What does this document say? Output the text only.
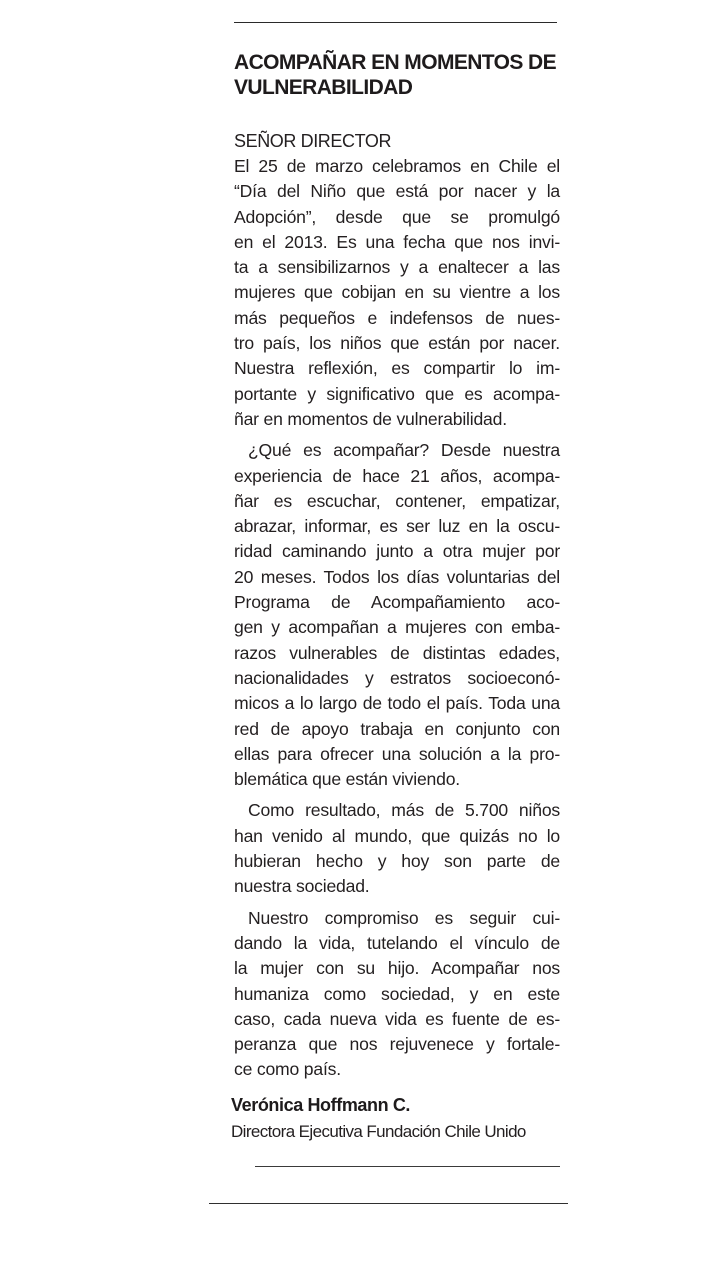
ACOMPAÑAR EN MOMENTOS DE
VULNERABILIDAD

SEÑOR DIRECTOR

El 25 de marzo celebramos en Chile el
“Día del Niño que está por nacer y la
Adopción”, desde que se promulgó
en el 2013. Es una fecha que nos invi-
ta a sensibilizarnos y a enaltecer a las
mujeres que cobijan en su vientre a los
más pequeños e indefensos de nues-
tro país, los niños que están por nacer.
Nuestra reflexión, es compartir lo im-
portante y significativo que es acompa-
ñar en momentos de vulnerabilidad.

¿Qué es acompañar? Desde nuestra
experiencia de hace 21 años, acompa-
ñar es escuchar, contener, empatizar,
abrazar, informar, es ser luz en la oscu-
ridad caminando junto a otra mujer por
20 meses. Todos los días voluntarias del
Programa de Acompañamiento aco-
gen y acompañan a mujeres con emba-
razos vulnerables de distintas edades,
nacionalidades y estratos socioeconó-
micos a lo largo de todo el país. Toda una
red de apoyo trabaja en conjunto con
ellas para ofrecer una solución a la pro-
blemática que están viviendo.

Como resultado, más de 5.700 niños
han venido al mundo, que quizás no lo
hubieran hecho y hoy son parte de
nuestra sociedad.

Nuestro compromiso es seguir cui-
dando la vida, tutelando el vínculo de
la mujer con su hijo. Acompañar nos
humaniza como sociedad, y en este
caso, cada nueva vida es fuente de es-
peranza que nos rejuvenece y fortale-
ce como país.

Verónica Hoffmann C.

Directora Ejecutiva Fundación Chile Unido
